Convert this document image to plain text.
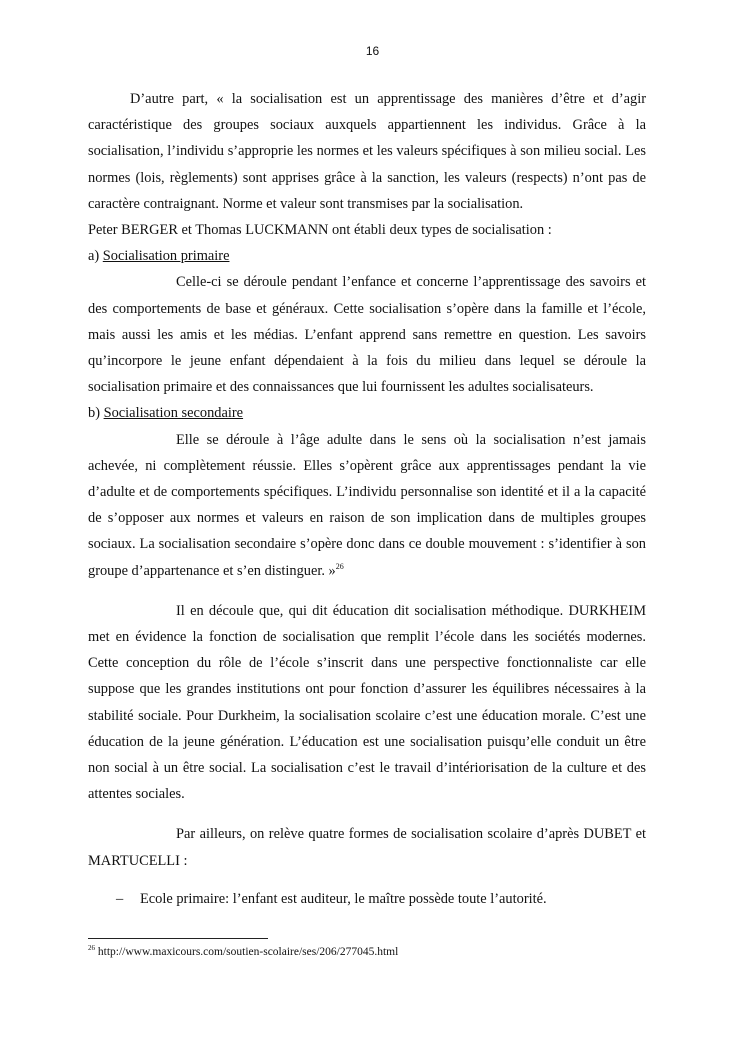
16

D’autre part, « la socialisation est un apprentissage des manières d’être et d’agir caractéristique des groupes sociaux auxquels appartiennent les individus. Grâce à la socialisation, l’individu s’approprie les normes et les valeurs spécifiques à son milieu social. Les normes (lois, règlements) sont apprises grâce à la sanction, les valeurs (respects) n’ont pas de caractère contraignant. Norme et valeur sont transmises par la socialisation.

Peter BERGER et Thomas LUCKMANN ont établi deux types de socialisation :

a) Socialisation primaire

Celle-ci se déroule pendant l’enfance et concerne l’apprentissage des savoirs et des comportements de base et généraux. Cette socialisation s’opère dans la famille et l’école, mais aussi les amis et les médias. L’enfant apprend sans remettre en question. Les savoirs qu’incorpore le jeune enfant dépendaient à la fois du milieu dans lequel se déroule la socialisation primaire et des connaissances que lui fournissent les adultes socialisateurs.

b) Socialisation secondaire

Elle se déroule à l’âge adulte dans le sens où la socialisation n’est jamais achevée, ni complètement réussie. Elles s’opèrent grâce aux apprentissages pendant la vie d’adulte et de comportements spécifiques. L’individu personnalise son identité et il a la capacité de s’opposer aux normes et valeurs en raison de son implication dans de multiples groupes sociaux. La socialisation secondaire s’opère donc dans ce double mouvement : s’identifier à son groupe d’appartenance et s’en distinguer. »$^{26}$

Il en découle que, qui dit éducation dit socialisation méthodique. DURKHEIM met en évidence la fonction de socialisation que remplit l’école dans les sociétés modernes. Cette conception du rôle de l’école s’inscrit dans une perspective fonctionnaliste car elle suppose que les grandes institutions ont pour fonction d’assurer les équilibres nécessaires à la stabilité sociale. Pour Durkheim, la socialisation scolaire c’est une éducation morale. C’est une éducation de la jeune génération. L’éducation est une socialisation puisqu’elle conduit un être non social à un être social. La socialisation c’est le travail d’intériorisation de la culture et des attentes sociales.

Par ailleurs, on relève quatre formes de socialisation scolaire d’après DUBET et MARTUCELLI :

– Ecole primaire: l’enfant est auditeur, le maître possède toute l’autorité.
$^{26}$ http://www.maxicours.com/soutien-scolaire/ses/206/277045.html
